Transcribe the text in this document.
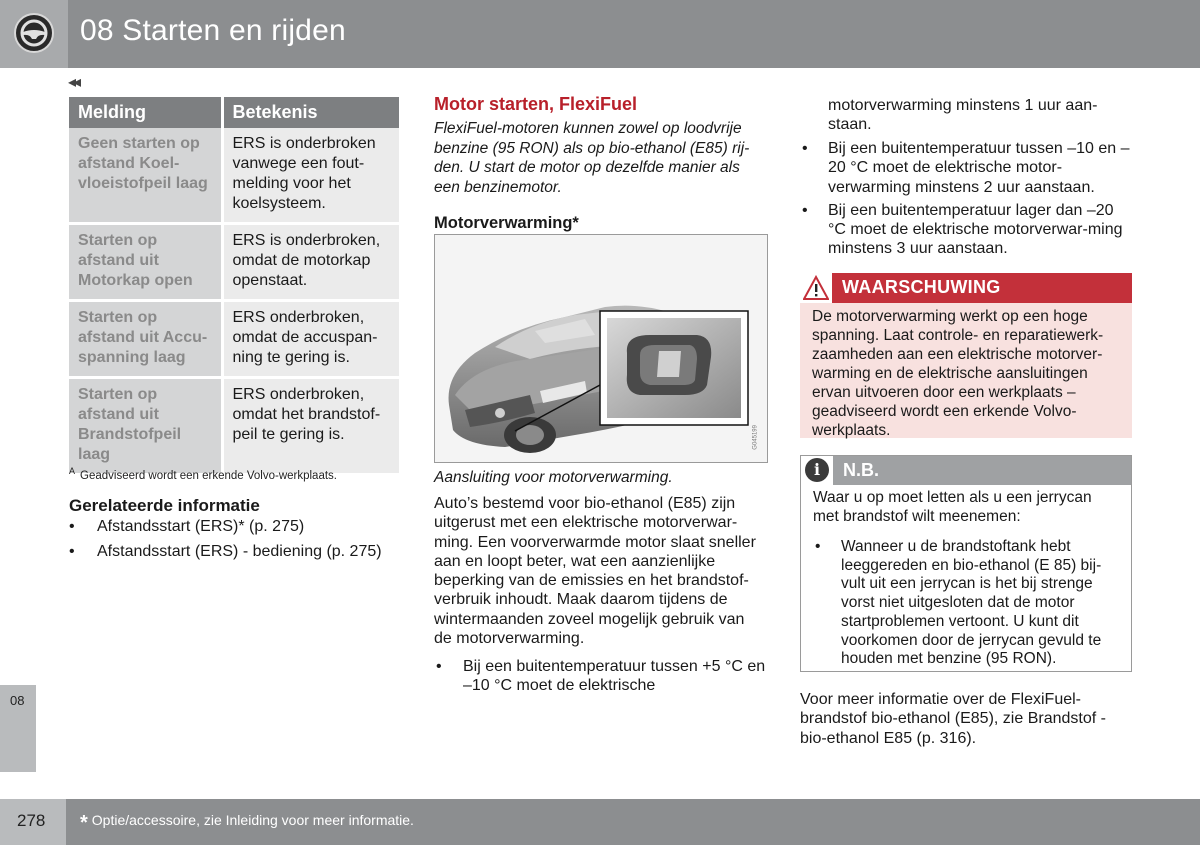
08 Starten en rijden
◂◂
Melding	Betekenis
Geen starten op afstand Koel-vloeistofpeil laag	ERS is onderbroken vanwege een fout-melding voor het koelsysteem.
Starten op afstand uit Motorkap open	ERS is onderbroken, omdat de motorkap openstaat.
Starten op afstand uit Accu-spanning laag	ERS onderbroken, omdat de accuspan-ning te gering is.
Starten op afstand uit Brandstofpeil laag	ERS onderbroken, omdat het brandstof-peil te gering is.
$^A$ Geadviseerd wordt een erkende Volvo-werkplaats.
Gerelateerde informatie
• Afstandsstart (ERS)* (p. 275)
• Afstandsstart (ERS) - bediening (p. 275)
Motor starten, FlexiFuel
FlexiFuel-motoren kunnen zowel op loodvrije benzine (95 RON) als op bio-ethanol (E85) rij-den. U start de motor op dezelfde manier als een benzinemotor.
Motorverwarming*
G045199
Aansluiting voor motorverwarming.
Auto’s bestemd voor bio-ethanol (E85) zijn uitgerust met een elektrische motorverwar-ming. Een voorverwarmde motor slaat sneller aan en loopt beter, wat een aanzienlijke beperking van de emissies en het brandstof-verbruik inhoudt. Maak daarom tijdens de wintermaanden zoveel mogelijk gebruik van de motorverwarming.
• Bij een buitentemperatuur tussen +5 °C en –10 °C moet de elektrische
motorverwarming minstens 1 uur aan-staan.
• Bij een buitentemperatuur tussen –10 en –20 °C moet de elektrische motor-verwarming minstens 2 uur aanstaan.
• Bij een buitentemperatuur lager dan –20 °C moet de elektrische motorverwar-ming minstens 3 uur aanstaan.
WAARSCHUWING
De motorverwarming werkt op een hoge spanning. Laat controle- en reparatiewerk-zaamheden aan een elektrische motorver-warming en de elektrische aansluitingen ervan uitvoeren door een werkplaats – geadviseerd wordt een erkende Volvo-werkplaats.
i	N.B.
Waar u op moet letten als u een jerrycan met brandstof wilt meenemen:
• Wanneer u de brandstoftank hebt leeggereden en bio-ethanol (E 85) bij-vult uit een jerrycan is het bij strenge vorst niet uitgesloten dat de motor startproblemen vertoont. U kunt dit voorkomen door de jerrycan gevuld te houden met benzine (95 RON).
Voor meer informatie over de FlexiFuel-brandstof bio-ethanol (E85), zie Brandstof - bio-ethanol E85 (p. 316).
08
278 * Optie/accessoire, zie Inleiding voor meer informatie.
